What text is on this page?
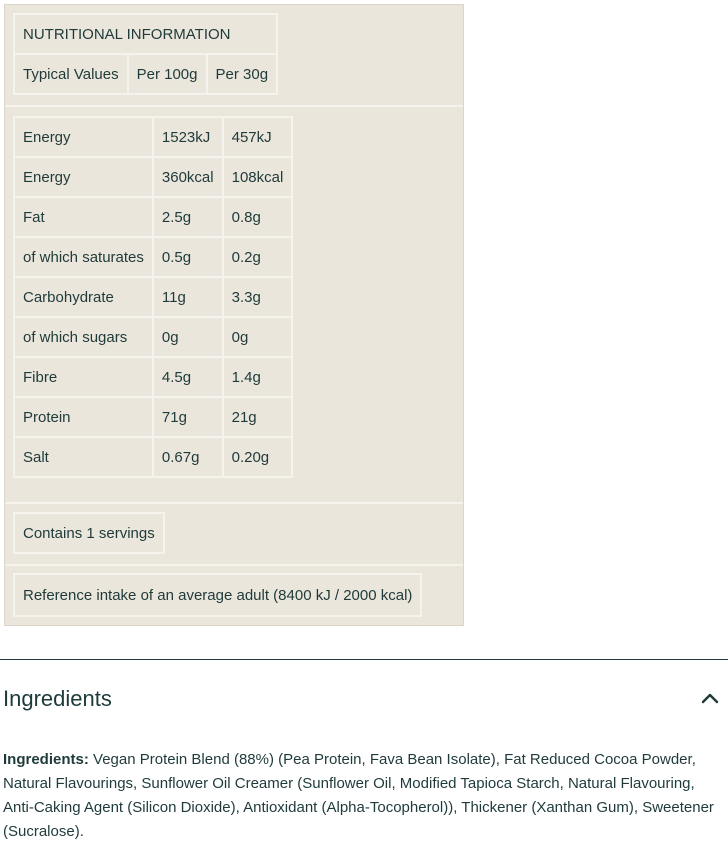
NUTRITIONAL INFORMATION
Typical Values	Per 100g	Per 30g
Energy	1523kJ	457kJ
Energy	360kcal	108kcal
Fat	2.5g	0.8g
of which saturates	0.5g	0.2g
Carbohydrate	11g	3.3g
of which sugars	0g	0g
Fibre	4.5g	1.4g
Protein	71g	21g
Salt	0.67g	0.20g
Contains 1 servings
Reference intake of an average adult (8400 kJ / 2000 kcal)
Ingredients
Ingredients: Vegan Protein Blend (88%) (Pea Protein, Fava Bean Isolate), Fat Reduced Cocoa Powder, Natural Flavourings, Sunflower Oil Creamer (Sunflower Oil, Modified Tapioca Starch, Natural Flavouring, Anti-Caking Agent (Silicon Dioxide), Antioxidant (Alpha-Tocopherol)), Thickener (Xanthan Gum), Sweetener (Sucralose).
